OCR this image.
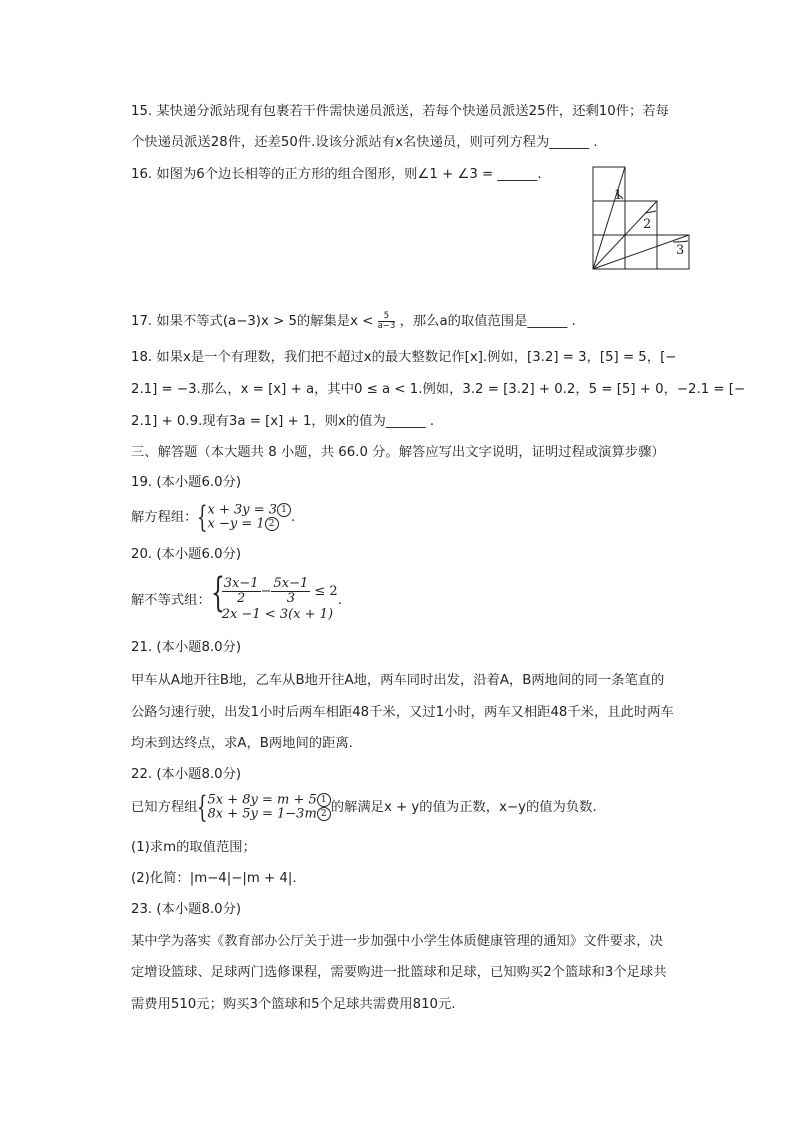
15. 某快递分派站现有包裹若干件需快递员派送，若每个快递员派送25件，还剩10件；若每
个快递员派送28件，还差50件.设该分派站有x名快递员，则可列方程为______ .
16. 如图为6个边长相等的正方形的组合图形，则∠1 + ∠3 = ______.
1
2
3
17. 如果不等式(a−3)x > 5的解集是$x < \frac{5}{a-3}$ ，那么a的取值范围是______ .
18. 如果x是一个有理数，我们把不超过x的最大整数记作[x].例如，[3.2] = 3，[5] = 5，[−
2.1] = −3.那么，x = [x] + a，其中0 ≤ a < 1.例如，3.2 = [3.2] + 0.2，5 = [5] + 0，−2.1 = [−
2.1] + 0.9.现有3a = [x] + 1，则x的值为______ .
三、解答题（本大题共 8 小题，共 66.0 分。解答应写出文字说明，证明过程或演算步骤）
19. (本小题6.0分)
解方程组： { x + 3y = 3 1
x −y = 1 2	.
20. (本小题6.0分)
解不等式组： {
$\frac{3x-1}{2} - \frac{5x-1}{3} \le 2$
2x −1 < 3(x + 1)
.
21. (本小题8.0分)
甲车从A地开往B地，乙车从B地开往A地，两车同时出发，沿着A，B两地间的同一条笔直的
公路匀速行驶，出发1小时后两车相距48千米，又过1小时，两车又相距48千米，且此时两车
均未到达终点，求A，B两地间的距离.
22. (本小题8.0分)
已知方程组 { 5x + 8y = m + 5 1
8x + 5y = 1−3m 2 的解满足x + y的值为正数，x−y的值为负数.
(1)求m的取值范围；
(2)化简：|m−4|−|m + 4|.
23. (本小题8.0分)
某中学为落实《教育部办公厅关于进一步加强中小学生体质健康管理的通知》文件要求，决
定增设篮球、足球两门选修课程，需要购进一批篮球和足球，已知购买2个篮球和3个足球共
需费用510元；购买3个篮球和5个足球共需费用810元.
